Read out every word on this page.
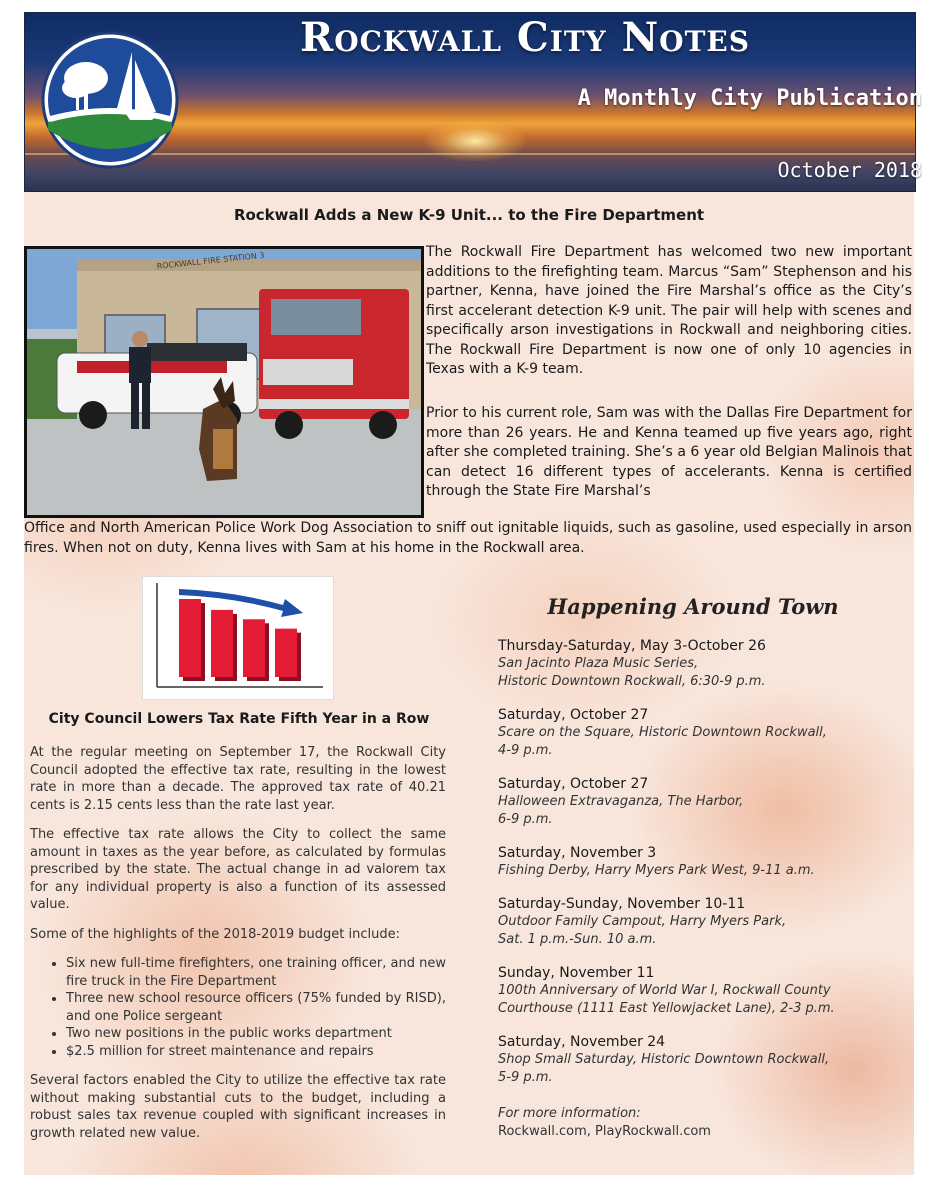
Rockwall City Notes
A Monthly City Publication
October 2018
Rockwall Adds a New K-9 Unit... to the Fire Department
ROCKWALL FIRE STATION 3	The Rockwall Fire Department has welcomed two new important additions to the firefighting team. Marcus “Sam” Stephenson and his partner, Kenna, have joined the Fire Marshal’s office as the City’s first accelerant detection K-9 unit. The pair will help with scenes and specifically arson investigations in Rockwall and neighboring cities. The Rockwall Fire Department is now one of only 10 agencies in Texas with a K-9 team.

Prior to his current role, Sam was with the Dallas Fire Department for more than 26 years. He and Kenna teamed up five years ago, right after she completed training. She’s a 6 year old Belgian Malinois that can detect 16 different types of accelerants. Kenna is certified through the State Fire Marshal’s

Office and North American Police Work Dog Association to sniff out ignitable liquids, such as gasoline, used especially in arson fires. When not on duty, Kenna lives with Sam at his home in the Rockwall area.

City Council Lowers Tax Rate Fifth Year in a Row

At the regular meeting on September 17, the Rockwall City Council adopted the effective tax rate, resulting in the lowest rate in more than a decade. The approved tax rate of 40.21 cents is 2.15 cents less than the rate last year.

The effective tax rate allows the City to collect the same amount in taxes as the year before, as calculated by formulas prescribed by the state. The actual change in ad valorem tax for any individual property is also a function of its assessed value.

Some of the highlights of the 2018-2019 budget include:

• Six new full-time firefighters, one training officer, and new fire truck in the Fire Department
• Three new school resource officers (75% funded by RISD), and one Police sergeant
• Two new positions in the public works department
• $2.5 million for street maintenance and repairs

Several factors enabled the City to utilize the effective tax rate without making substantial cuts to the budget, including a robust sales tax revenue coupled with significant increases in growth related new value.

Happening Around Town
Thursday-Saturday, May 3-October 26
San Jacinto Plaza Music Series,
Historic Downtown Rockwall, 6:30-9 p.m.
Saturday, October 27
Scare on the Square, Historic Downtown Rockwall,
4-9 p.m.
Saturday, October 27
Halloween Extravaganza, The Harbor,
6-9 p.m.
Saturday, November 3
Fishing Derby, Harry Myers Park West, 9-11 a.m.
Saturday-Sunday, November 10-11
Outdoor Family Campout, Harry Myers Park,
Sat. 1 p.m.-Sun. 10 a.m.
Sunday, November 11
100th Anniversary of World War I, Rockwall County
Courthouse (1111 East Yellowjacket Lane), 2-3 p.m.
Saturday, November 24
Shop Small Saturday, Historic Downtown Rockwall,
5-9 p.m.
For more information:
Rockwall.com, PlayRockwall.com
